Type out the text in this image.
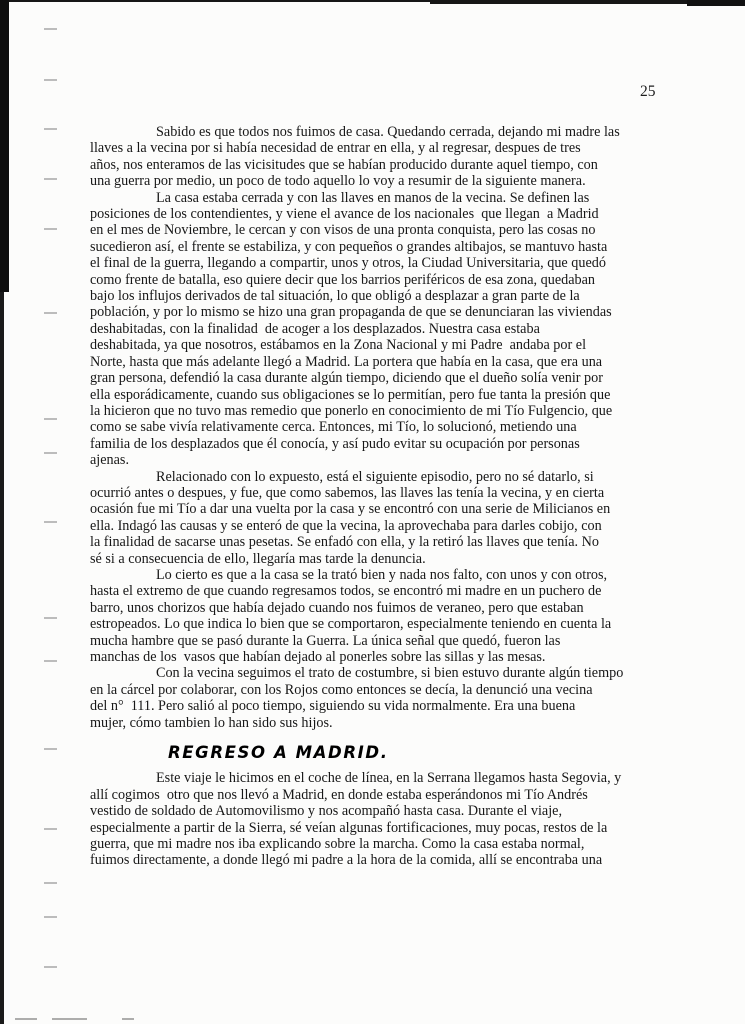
25
Sabido es que todos nos fuimos de casa. Quedando cerrada, dejando mi madre las
llaves a la vecina por si había necesidad de entrar en ella, y al regresar, despues de tres
años, nos enteramos de las vicisitudes que se habían producido durante aquel tiempo, con
una guerra por medio, un poco de todo aquello lo voy a resumir de la siguiente manera.
La casa estaba cerrada y con las llaves en manos de la vecina. Se definen las
posiciones de los contendientes, y viene el avance de los nacionales  que llegan  a Madrid
en el mes de Noviembre, le cercan y con visos de una pronta conquista, pero las cosas no
sucedieron así, el frente se estabiliza, y con pequeños o grandes altibajos, se mantuvo hasta
el final de la guerra, llegando a compartir, unos y otros, la Ciudad Universitaria, que quedó
como frente de batalla, eso quiere decir que los barrios periféricos de esa zona, quedaban
bajo los influjos derivados de tal situación, lo que obligó a desplazar a gran parte de la
población, y por lo mismo se hizo una gran propaganda de que se denunciaran las viviendas
deshabitadas, con la finalidad  de acoger a los desplazados. Nuestra casa estaba
deshabitada, ya que nosotros, estábamos en la Zona Nacional y mi Padre  andaba por el
Norte, hasta que más adelante llegó a Madrid. La portera que había en la casa, que era una
gran persona, defendió la casa durante algún tiempo, diciendo que el dueño solía venir por
ella esporádicamente, cuando sus obligaciones se lo permitían, pero fue tanta la presión que
la hicieron que no tuvo mas remedio que ponerlo en conocimiento de mi Tío Fulgencio, que
como se sabe vivía relativamente cerca. Entonces, mi Tío, lo solucionó, metiendo una
familia de los desplazados que él conocía, y así pudo evitar su ocupación por personas
ajenas.
Relacionado con lo expuesto, está el siguiente episodio, pero no sé datarlo, si
ocurrió antes o despues, y fue, que como sabemos, las llaves las tenía la vecina, y en cierta
ocasión fue mi Tío a dar una vuelta por la casa y se encontró con una serie de Milicianos en
ella. Indagó las causas y se enteró de que la vecina, la aprovechaba para darles cobijo, con
la finalidad de sacarse unas pesetas. Se enfadó con ella, y la retiró las llaves que tenía. No
sé si a consecuencia de ello, llegaría mas tarde la denuncia.
Lo cierto es que a la casa se la trató bien y nada nos falto, con unos y con otros,
hasta el extremo de que cuando regresamos todos, se encontró mi madre en un puchero de
barro, unos chorizos que había dejado cuando nos fuimos de veraneo, pero que estaban
estropeados. Lo que indica lo bien que se comportaron, especialmente teniendo en cuenta la
mucha hambre que se pasó durante la Guerra. La única señal que quedó, fueron las
manchas de los  vasos que habían dejado al ponerles sobre las sillas y las mesas.
Con la vecina seguimos el trato de costumbre, si bien estuvo durante algún tiempo
en la cárcel por colaborar, con los Rojos como entonces se decía, la denunció una vecina
del n°  111. Pero salió al poco tiempo, siguiendo su vida normalmente. Era una buena
mujer, cómo tambien lo han sido sus hijos.
REGRESO A MADRID.
Este viaje le hicimos en el coche de línea, en la Serrana llegamos hasta Segovia, y
allí cogimos  otro que nos llevó a Madrid, en donde estaba esperándonos mi Tío Andrés
vestido de soldado de Automovilismo y nos acompañó hasta casa. Durante el viaje,
especialmente a partir de la Sierra, sé veían algunas fortificaciones, muy pocas, restos de la
guerra, que mi madre nos iba explicando sobre la marcha. Como la casa estaba normal,
fuimos directamente, a donde llegó mi padre a la hora de la comida, allí se encontraba una
